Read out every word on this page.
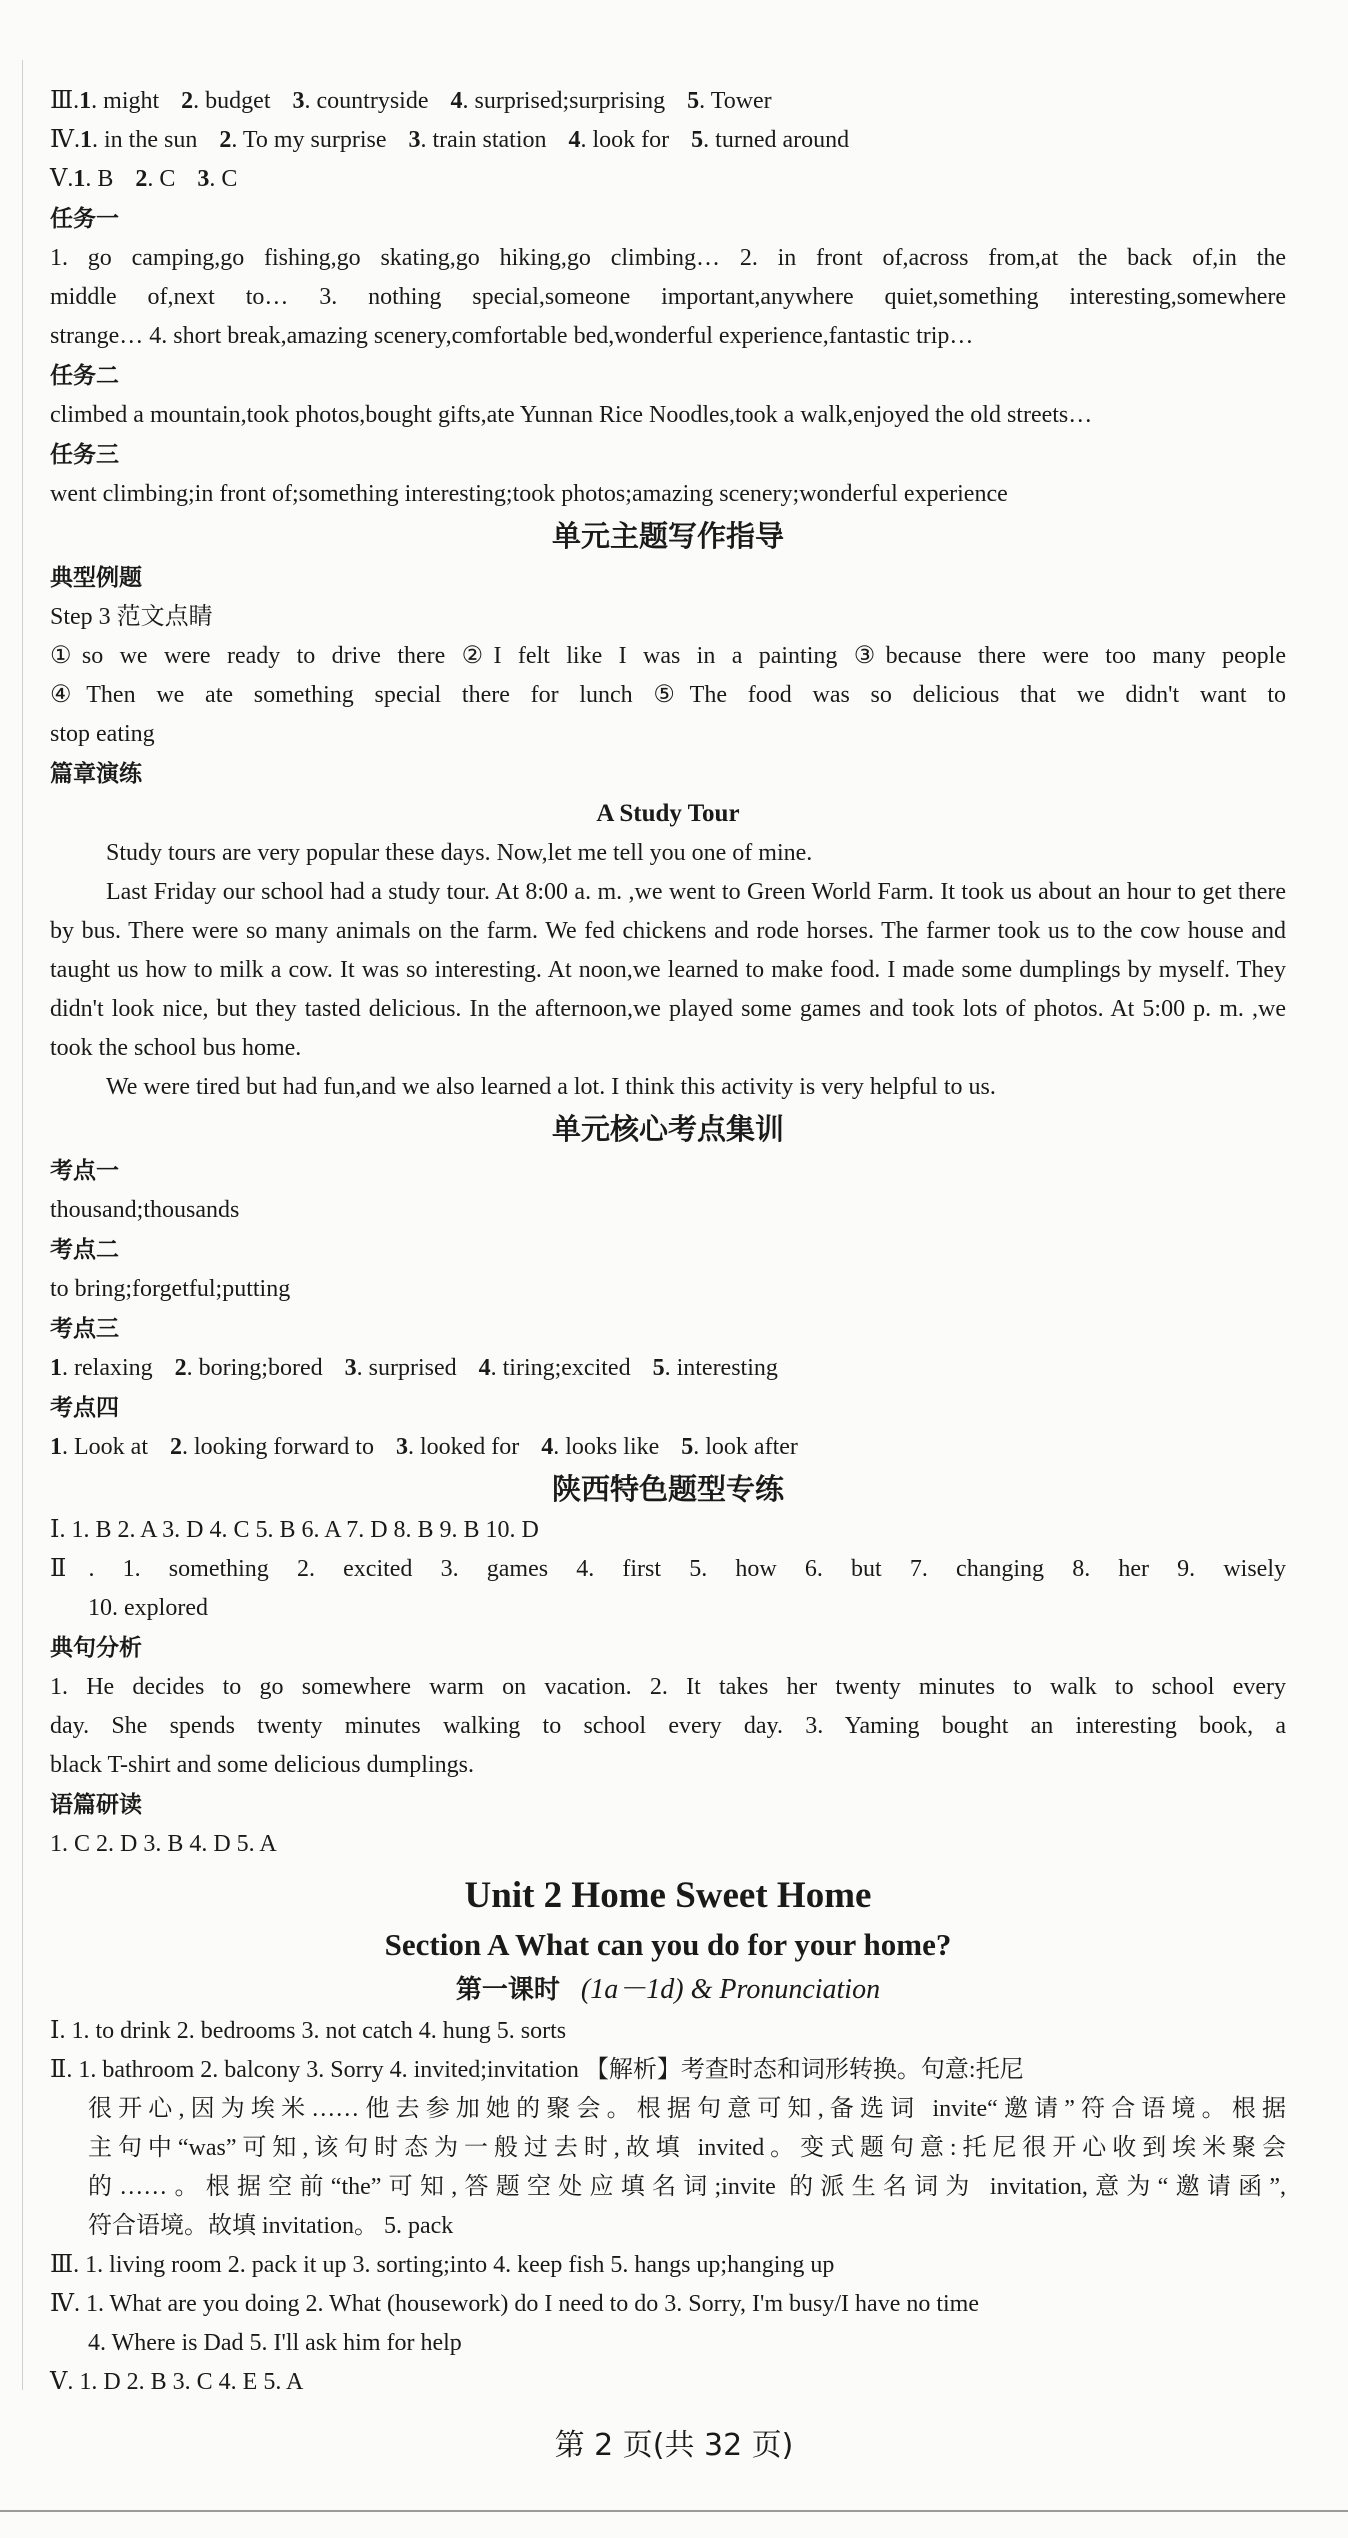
Ⅲ.1. might 2. budget 3. countryside 4. surprised;surprising 5. Tower
Ⅳ.1. in the sun 2. To my surprise 3. train station 4. look for 5. turned around
Ⅴ.1. B 2. C 3. C
任务一
1. go camping,go fishing,go skating,go hiking,go climbing… 2. in front of,across from,at the back of,in the
middle of,next to… 3. nothing special,someone important,anywhere quiet,something interesting,somewhere
strange… 4. short break,amazing scenery,comfortable bed,wonderful experience,fantastic trip…
任务二
climbed a mountain,took photos,bought gifts,ate Yunnan Rice Noodles,took a walk,enjoyed the old streets…
任务三
went climbing;in front of;something interesting;took photos;amazing scenery;wonderful experience
单元主题写作指导
典型例题
Step 3 范文点睛
①so we were ready to drive there ②I felt like I was in a painting ③because there were too many people
④Then we ate something special there for lunch ⑤The food was so delicious that we didn't want to
stop eating
篇章演练
A Study Tour
Study tours are very popular these days. Now,let me tell you one of mine.
Last Friday our school had a study tour. At 8:00 a. m. ,we went to Green World Farm. It took us about an hour to get there by bus. There were so many animals on the farm. We fed chickens and rode horses. The farmer took us to the cow house and taught us how to milk a cow. It was so interesting. At noon,we learned to make food. I made some dumplings by myself. They didn't look nice, but they tasted delicious. In the afternoon,we played some games and took lots of photos. At 5:00 p. m. ,we took the school bus home.
We were tired but had fun,and we also learned a lot. I think this activity is very helpful to us.
单元核心考点集训
考点一
thousand;thousands
考点二
to bring;forgetful;putting
考点三
1. relaxing 2. boring;bored 3. surprised 4. tiring;excited 5. interesting
考点四
1. Look at 2. looking forward to 3. looked for 4. looks like 5. look after
陕西特色题型专练
Ⅰ. 1. B 2. A 3. D 4. C 5. B 6. A 7. D 8. B 9. B 10. D
Ⅱ. 1. something 2. excited 3. games 4. first 5. how 6. but 7. changing 8. her 9. wisely
10. explored
典句分析
1. He decides to go somewhere warm on vacation. 2. It takes her twenty minutes to walk to school every
day. She spends twenty minutes walking to school every day. 3. Yaming bought an interesting book, a
black T-shirt and some delicious dumplings.
语篇研读
1. C 2. D 3. B 4. D 5. A
Unit 2 Home Sweet Home
Section A What can you do for your home?
第一课时 (1a－1d) & Pronunciation
Ⅰ. 1. to drink 2. bedrooms 3. not catch 4. hung 5. sorts
Ⅱ. 1. bathroom 2. balcony 3. Sorry 4. invited;invitation 【解析】考查时态和词形转换。句意:托尼
很开心,因为埃米……他去参加她的聚会。根据句意可知,备选词 invite“邀请”符合语境。根据
主句中“was”可知,该句时态为一般过去时,故填 invited。变式题句意:托尼很开心收到埃米聚会
的……。根据空前“the”可知,答题空处应填名词;invite 的派生名词为 invitation,意为“邀请函”,
符合语境。故填 invitation。 5. pack
Ⅲ. 1. living room 2. pack it up 3. sorting;into 4. keep fish 5. hangs up;hanging up
Ⅳ. 1. What are you doing 2. What (housework) do I need to do 3. Sorry, I'm busy/I have no time
4. Where is Dad 5. I'll ask him for help
Ⅴ. 1. D 2. B 3. C 4. E 5. A
第 2 页(共 32 页)
